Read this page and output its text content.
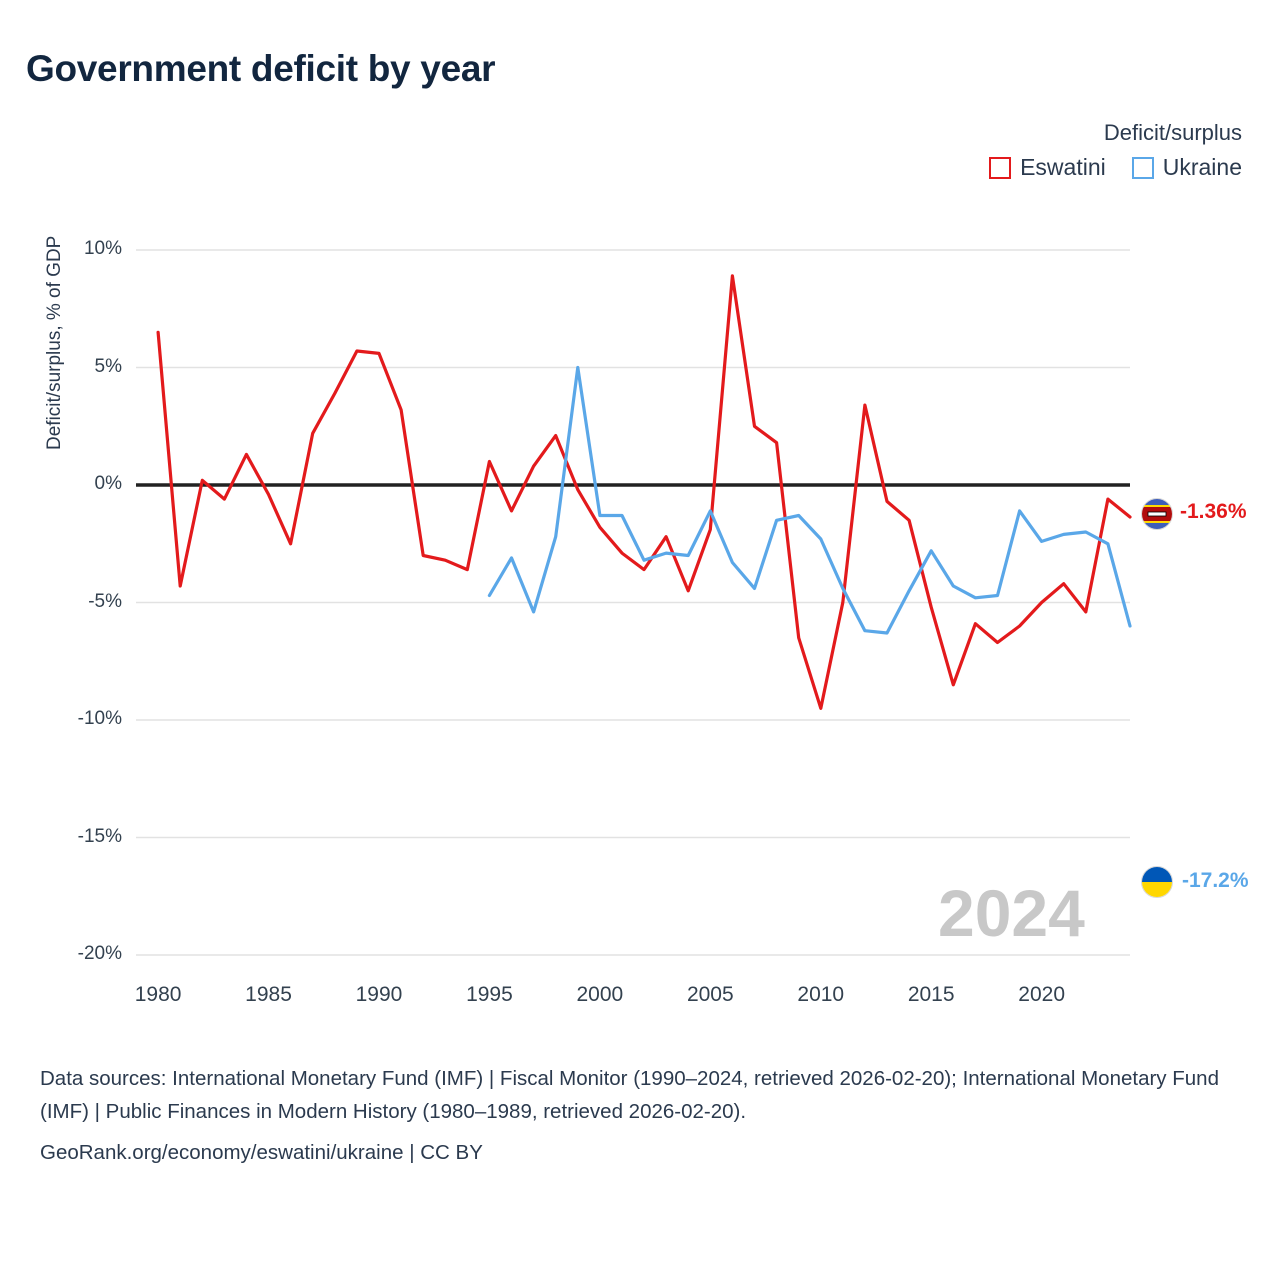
Government deficit by year
Deficit/surplus
Eswatini Ukraine
Deficit/surplus, % of GDP
2024
-1.36%
-17.2%
Data sources: International Monetary Fund (IMF) | Fiscal Monitor (1990–2024, retrieved 2026-02-20); International Monetary Fund (IMF) | Public Finances in Modern History (1980–1989, retrieved 2026-02-20).
GeoRank.org/economy/eswatini/ukraine | CC BY
10%
5%
0%
-5%
-10%
-15%
-20%
1980	1985	1990	1995	2000	2005	2010	2015	2020
